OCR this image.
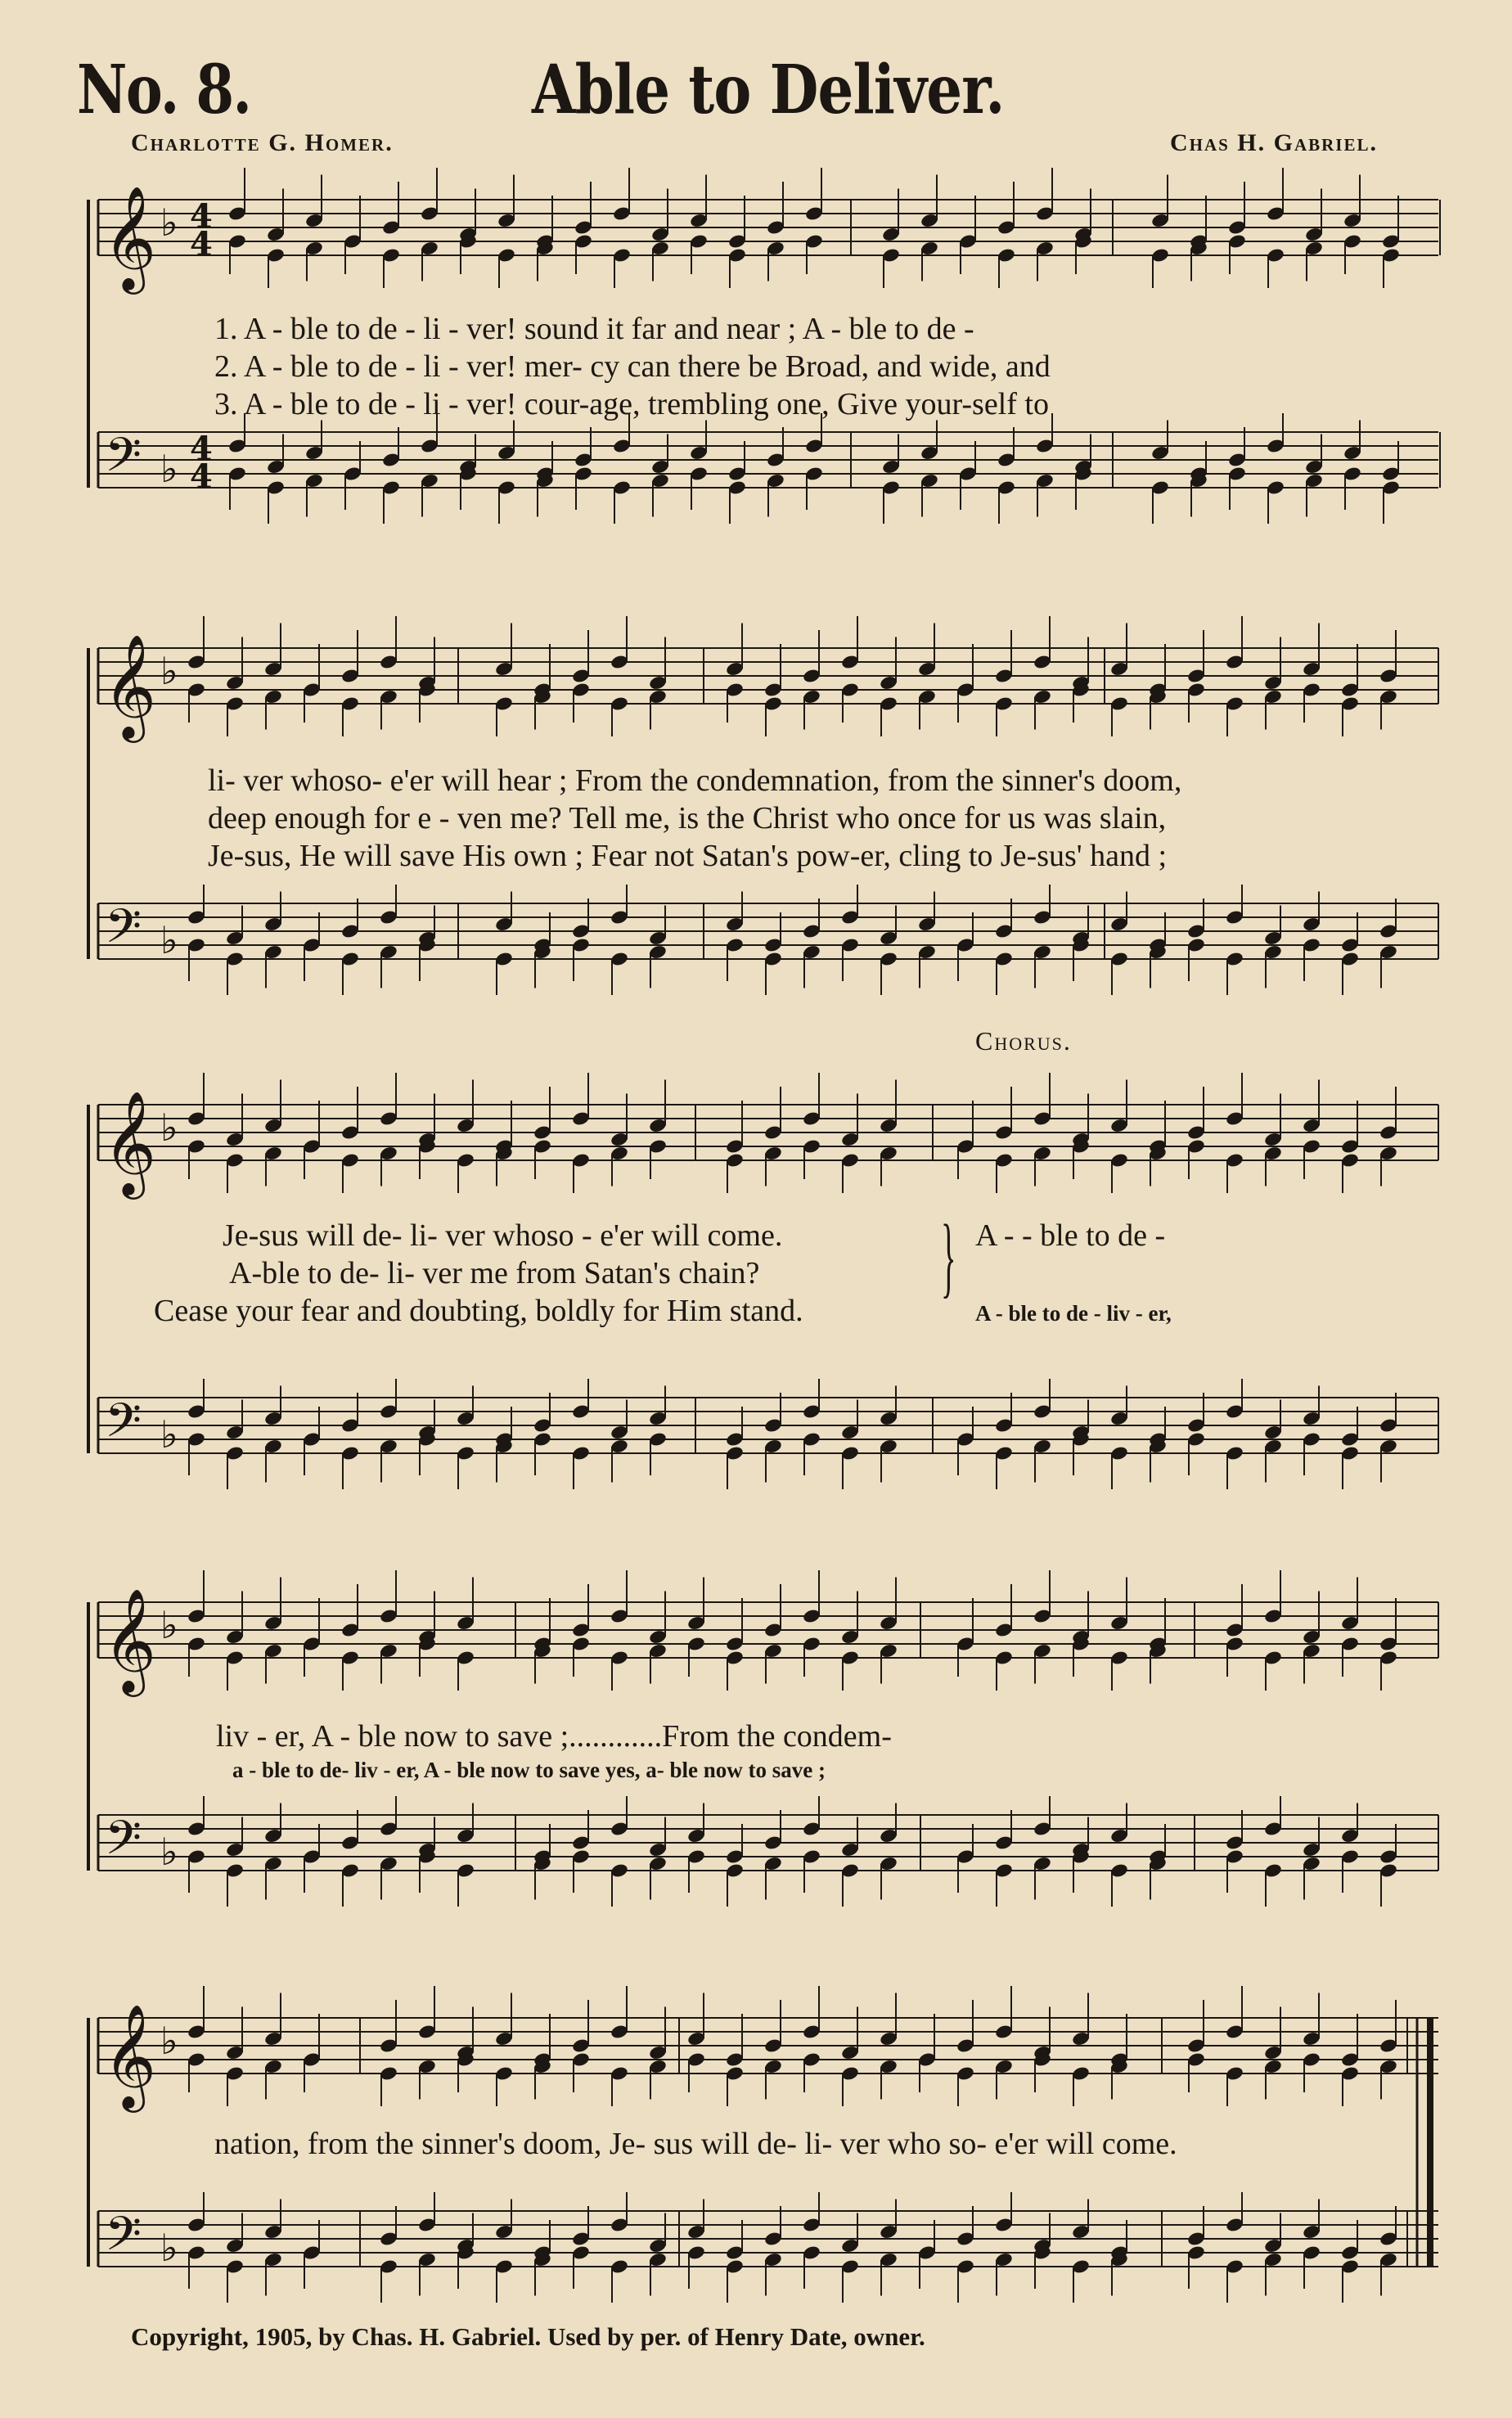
No. 8.	Able to Deliver.
Charlotte G. Homer.	Chas H. Gabriel.
𝄞 ♭ 4
4
𝄢 ♭ 4
4
𝄞 ♭
𝄢 ♭
𝄞 ♭
𝄢 ♭
𝄞 ♭
𝄢 ♭
𝄞 ♭
𝄢 ♭
1. A - ble to de - li - ver! sound it far and near ; A - ble to de -
2. A - ble to de - li - ver! mer- cy can there be Broad, and wide, and
3. A - ble to de - li - ver! cour-age, trembling one, Give your-self to
li- ver whoso- e'er will hear ; From the condemnation, from the sinner's doom,
deep enough for e - ven me? Tell me, is the Christ who once for us was slain,
Je-sus, He will save His own ; Fear not Satan's pow-er, cling to Je-sus' hand ;
Chorus.
Je-sus will de- li- ver whoso - e'er will come.
A-ble to de- li- ver me from Satan's chain?
Cease your fear and doubting, boldly for Him stand.
} A - - ble to de -
A - ble to de - liv - er,
liv - er, A - ble now to save ;............From the condem-
a - ble to de- liv - er, A - ble now to save yes, a- ble now to save ;
nation, from the sinner's doom, Je- sus will de- li- ver who so- e'er will come.
Copyright, 1905, by Chas. H. Gabriel. Used by per. of Henry Date, owner.
